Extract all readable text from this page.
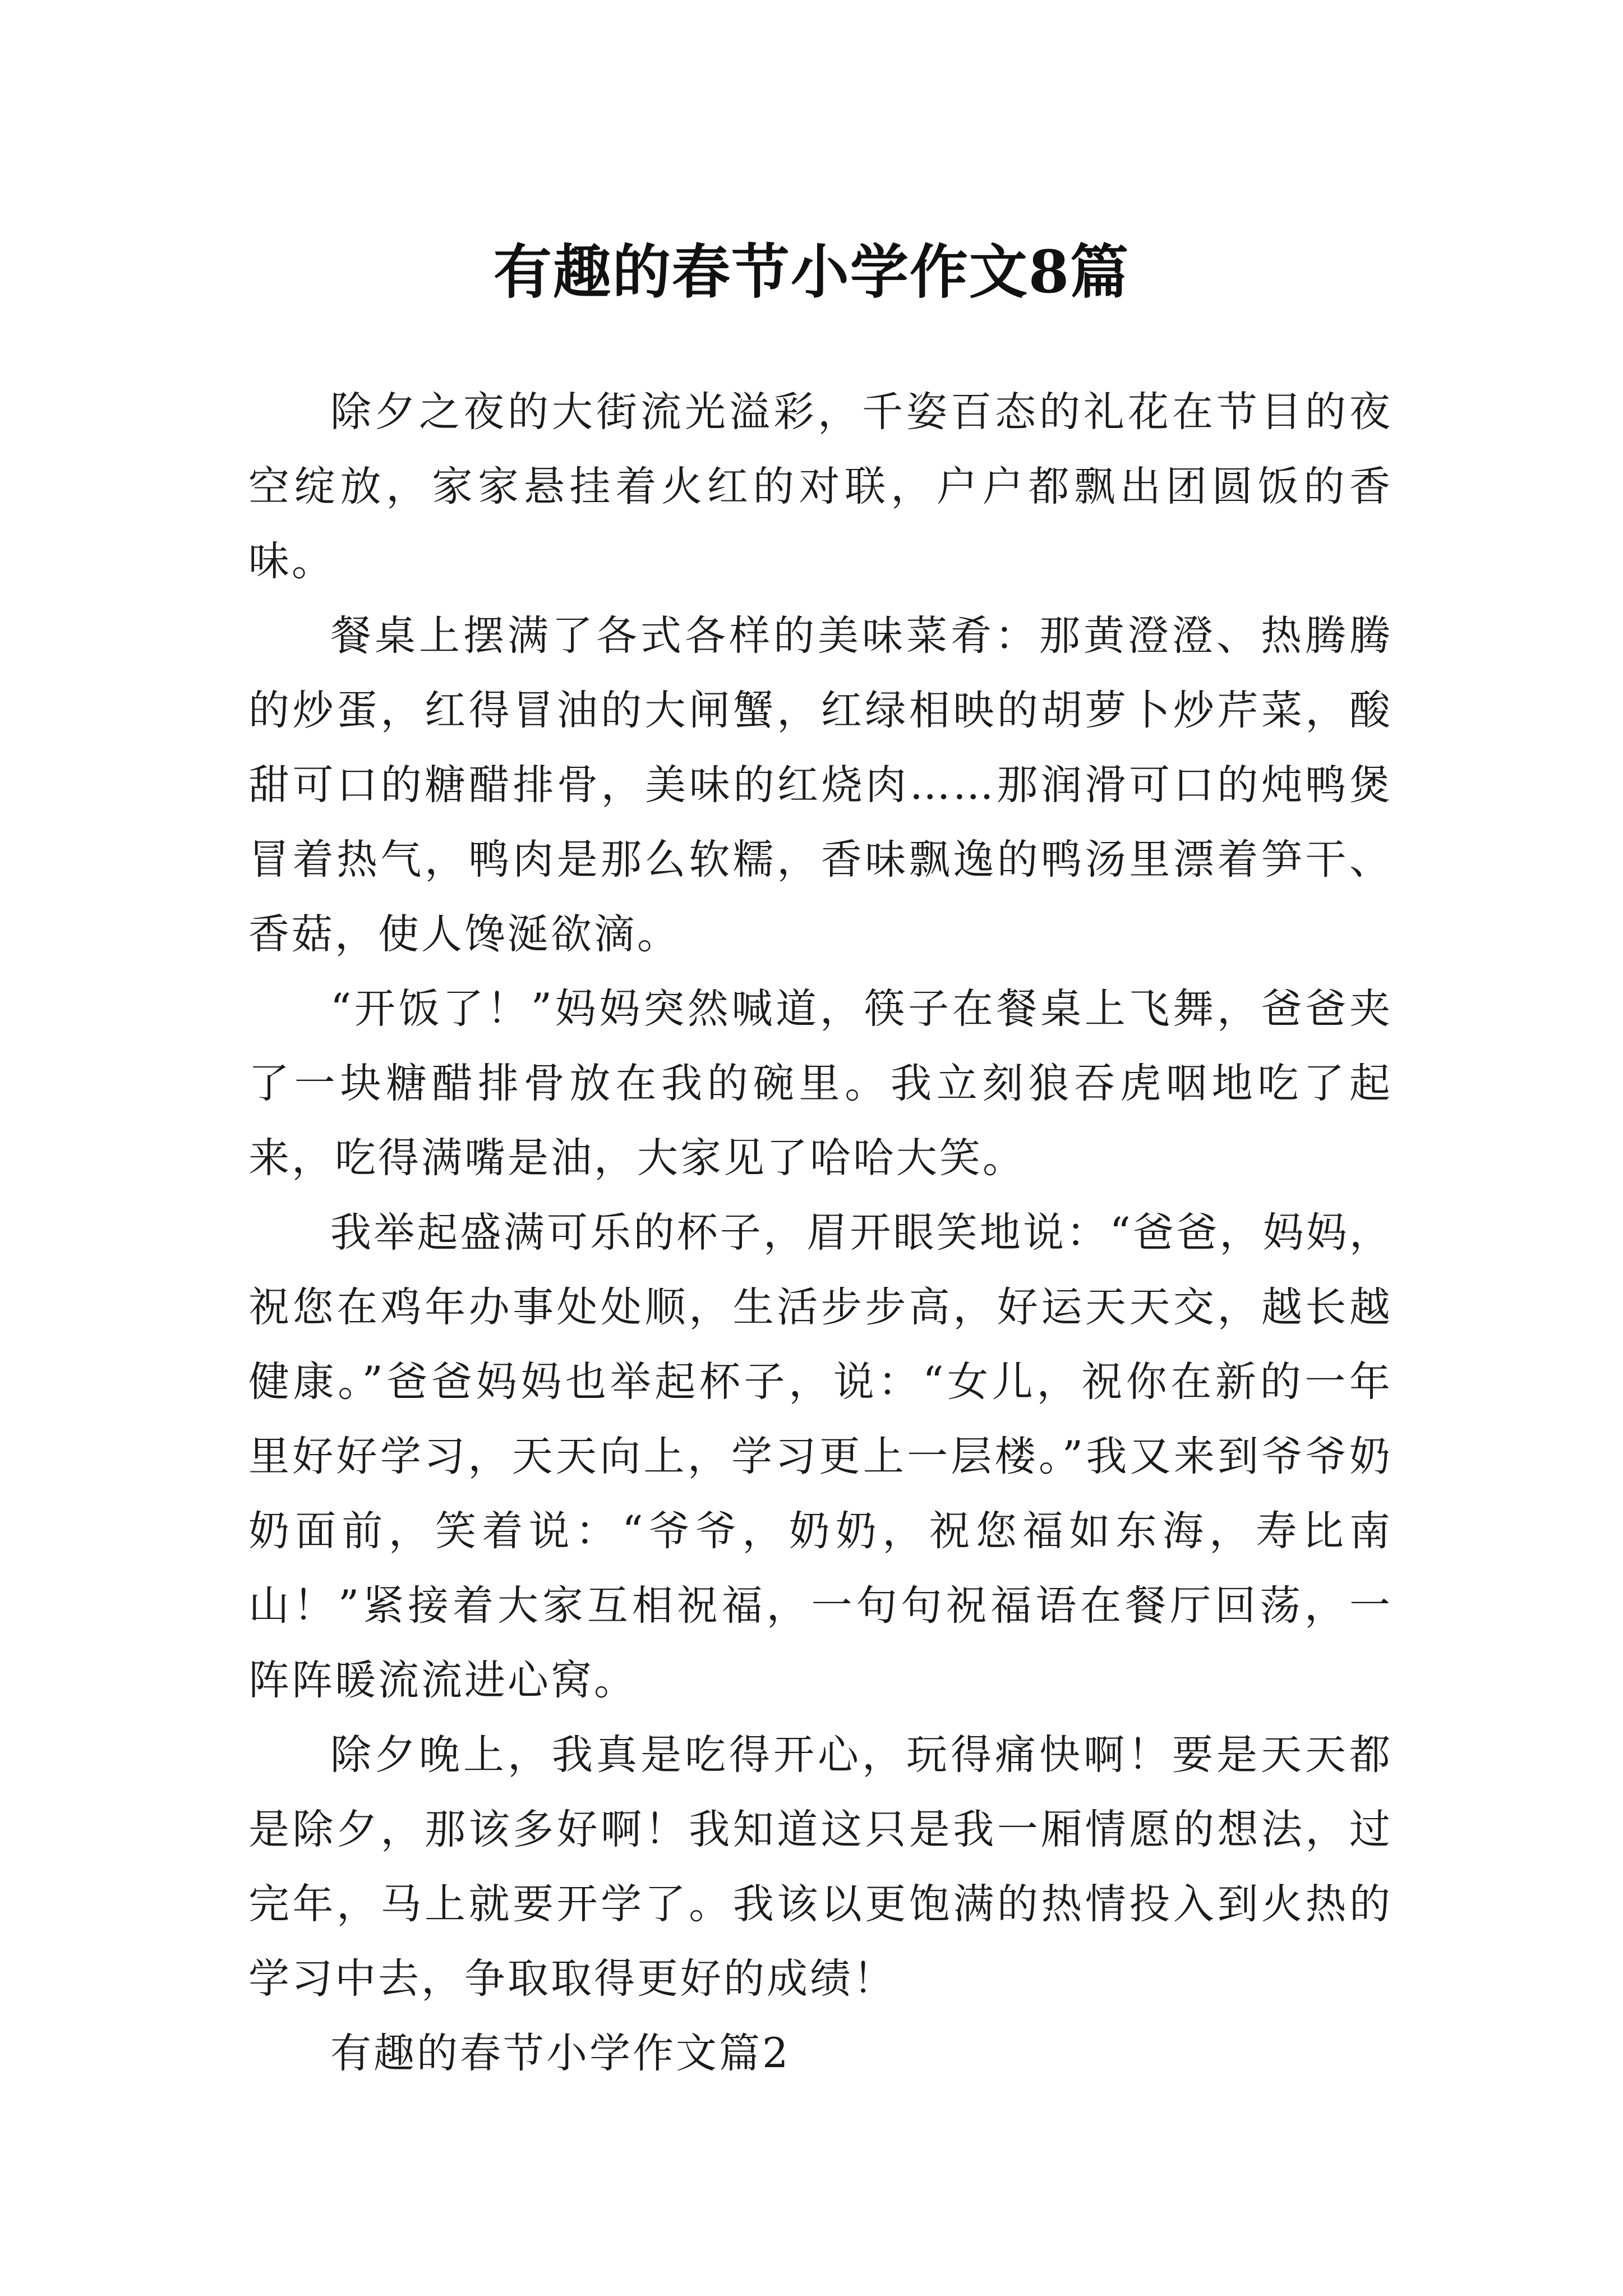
有趣的春节小学作文8篇

除夕之夜的大街流光溢彩，千姿百态的礼花在节目的夜空绽放，家家悬挂着火红的对联，户户都飘出团圆饭的香味。

餐桌上摆满了各式各样的美味菜肴：那黄澄澄、热腾腾的炒蛋，红得冒油的大闸蟹，红绿相映的胡萝卜炒芹菜，酸甜可口的糖醋排骨，美味的红烧肉……那润滑可口的炖鸭煲冒着热气，鸭肉是那么软糯，香味飘逸的鸭汤里漂着笋干、香菇，使人馋涎欲滴。

“开饭了！”妈妈突然喊道，筷子在餐桌上飞舞，爸爸夹了一块糖醋排骨放在我的碗里。我立刻狼吞虎咽地吃了起来，吃得满嘴是油，大家见了哈哈大笑。

我举起盛满可乐的杯子，眉开眼笑地说：“爸爸，妈妈，祝您在鸡年办事处处顺，生活步步高，好运天天交，越长越健康。”爸爸妈妈也举起杯子，说：“女儿，祝你在新的一年里好好学习，天天向上，学习更上一层楼。”我又来到爷爷奶奶面前，笑着说：“爷爷，奶奶，祝您福如东海，寿比南山！”紧接着大家互相祝福，一句句祝福语在餐厅回荡，一阵阵暖流流进心窝。

除夕晚上，我真是吃得开心，玩得痛快啊！要是天天都是除夕，那该多好啊！我知道这只是我一厢情愿的想法，过完年，马上就要开学了。我该以更饱满的热情投入到火热的学习中去，争取取得更好的成绩！

有趣的春节小学作文篇2
